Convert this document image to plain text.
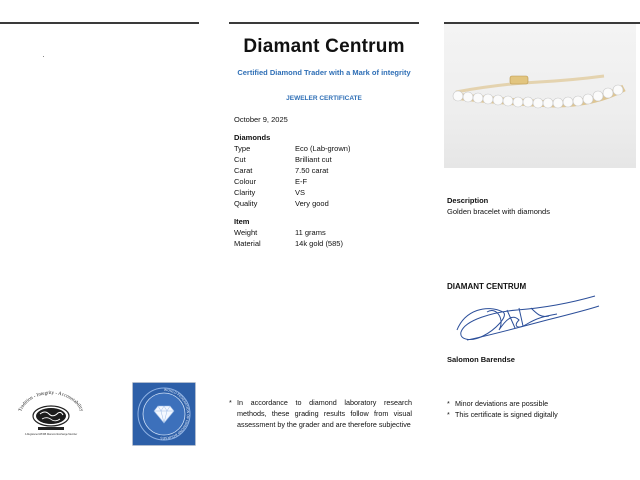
Tradition - Integrity - Accountability
A Registered WFDB Diamond Exchange Member
WORLD FEDERATION OF DIAMOND BOURSES
Diamant Centrum
Certified Diamond Trader with a Mark of integrity
JEWELER CERTIFICATE
October 9, 2025
Diamonds
Type	Eco (Lab-grown)
Cut	Brilliant cut
Carat	7.50 carat
Colour	E-F
Clarity	VS
Quality	Very good
Item
Weight	11 grams
Material	14k gold (585)
* In accordance to diamond laboratory research methods, these grading results follow from visual assessment by the grader and are therefore subjective
Description
Golden bracelet with diamonds
DIAMANT CENTRUM
Salomon Barendse
* Minor deviations are possible
* This certificate is signed digitally
